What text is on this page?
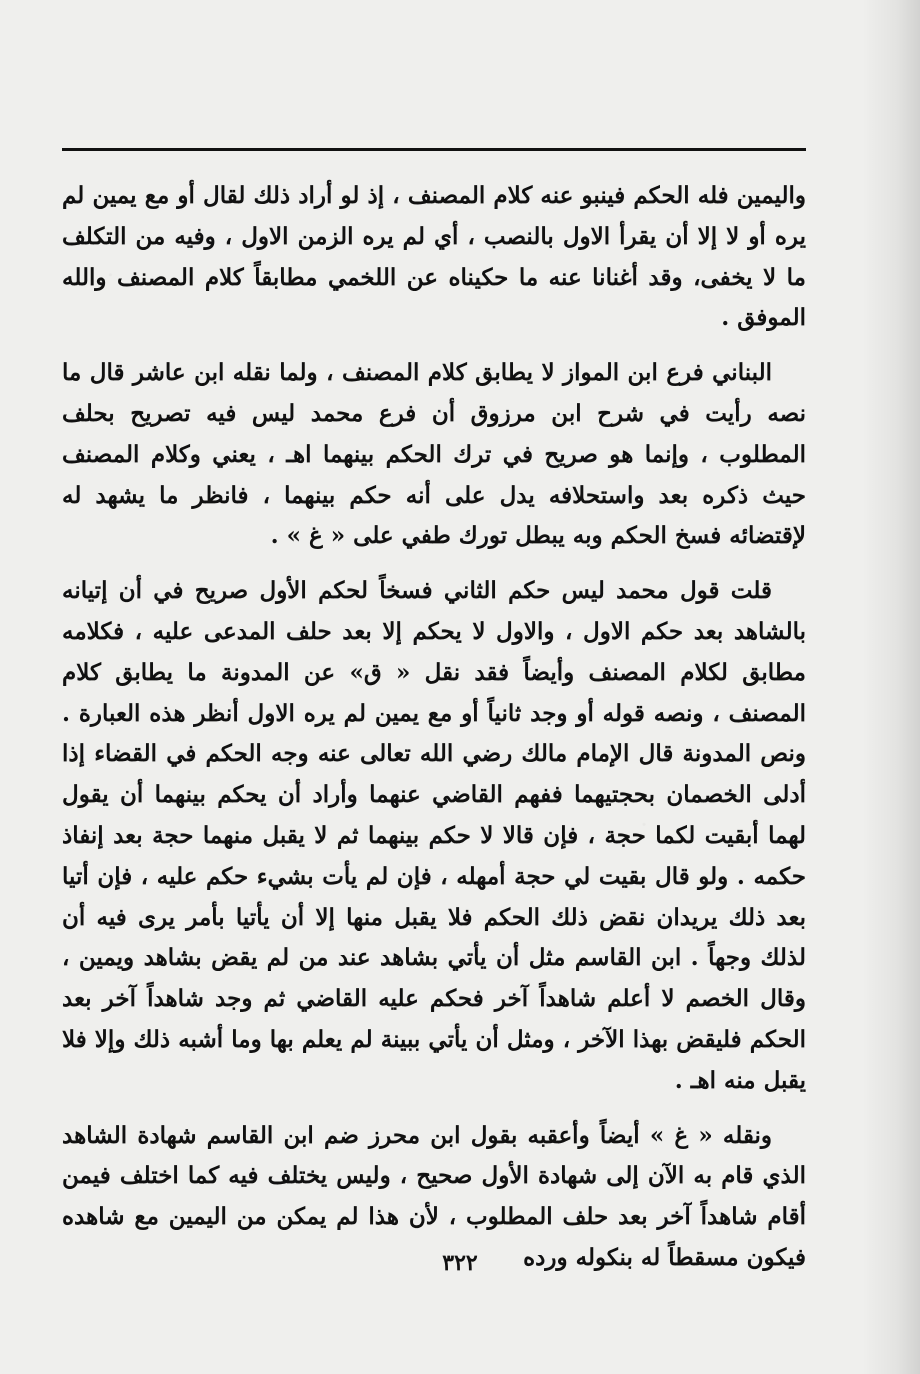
واليمين فله الحكم فينبو عنه كلام المصنف ، إذ لو أراد ذلك لقال أو مع يمين لم يره أو لا إلا أن يقرأ الاول بالنصب ، أي لم يره الزمن الاول ، وفيه من التكلف ما لا يخفى، وقد أغنانا عنه ما حكيناه عن اللخمي مطابقاً كلام المصنف والله الموفق .

البناني فرع ابن المواز لا يطابق كلام المصنف ، ولما نقله ابن عاشر قال ما نصه رأيت في شرح ابن مرزوق أن فرع محمد ليس فيه تصريح بحلف المطلوب ، وإنما هو صريح في ترك الحكم بينهما اهـ ، يعني وكلام المصنف حيث ذكره بعد واستحلافه يدل على أنه حكم بينهما ، فانظر ما يشهد له لإقتضائه فسخ الحكم وبه يبطل تورك طفي على « غ » .

قلت قول محمد ليس حكم الثاني فسخاً لحكم الأول صريح في أن إتيانه بالشاهد بعد حكم الاول ، والاول لا يحكم إلا بعد حلف المدعى عليه ، فكلامه مطابق لكلام المصنف وأيضاً فقد نقل « ق» عن المدونة ما يطابق كلام المصنف ، ونصه قوله أو وجد ثانياً أو مع يمين لم يره الاول أنظر هذه العبارة . ونص المدونة قال الإمام مالك رضي الله تعالى عنه وجه الحكم في القضاء إذا أدلى الخصمان بحجتيهما ففهم القاضي عنهما وأراد أن يحكم بينهما أن يقول لهما أبقيت لكما حجة ، فإن قالا لا حكم بينهما ثم لا يقبل منهما حجة بعد إنفاذ حكمه . ولو قال بقيت لي حجة أمهله ، فإن لم يأت بشيء حكم عليه ، فإن أتيا بعد ذلك يريدان نقض ذلك الحكم فلا يقبل منها إلا أن يأتيا بأمر يرى فيه أن لذلك وجهاً . ابن القاسم مثل أن يأتي بشاهد عند من لم يقض بشاهد ويمين ، وقال الخصم لا أعلم شاهداً آخر فحكم عليه القاضي ثم وجد شاهداً آخر بعد الحكم فليقض بهذا الآخر ، ومثل أن يأتي ببينة لم يعلم بها وما أشبه ذلك وإلا فلا يقبل منه اهـ .

ونقله « غ » أيضاً وأعقبه بقول ابن محرز ضم ابن القاسم شهادة الشاهد الذي قام به الآن إلى شهادة الأول صحيح ، وليس يختلف فيه كما اختلف فيمن أقام شاهداً آخر بعد حلف المطلوب ، لأن هذا لم يمكن من اليمين مع شاهده فيكون مسقطاً له بنكوله ورده

٣٢٢
